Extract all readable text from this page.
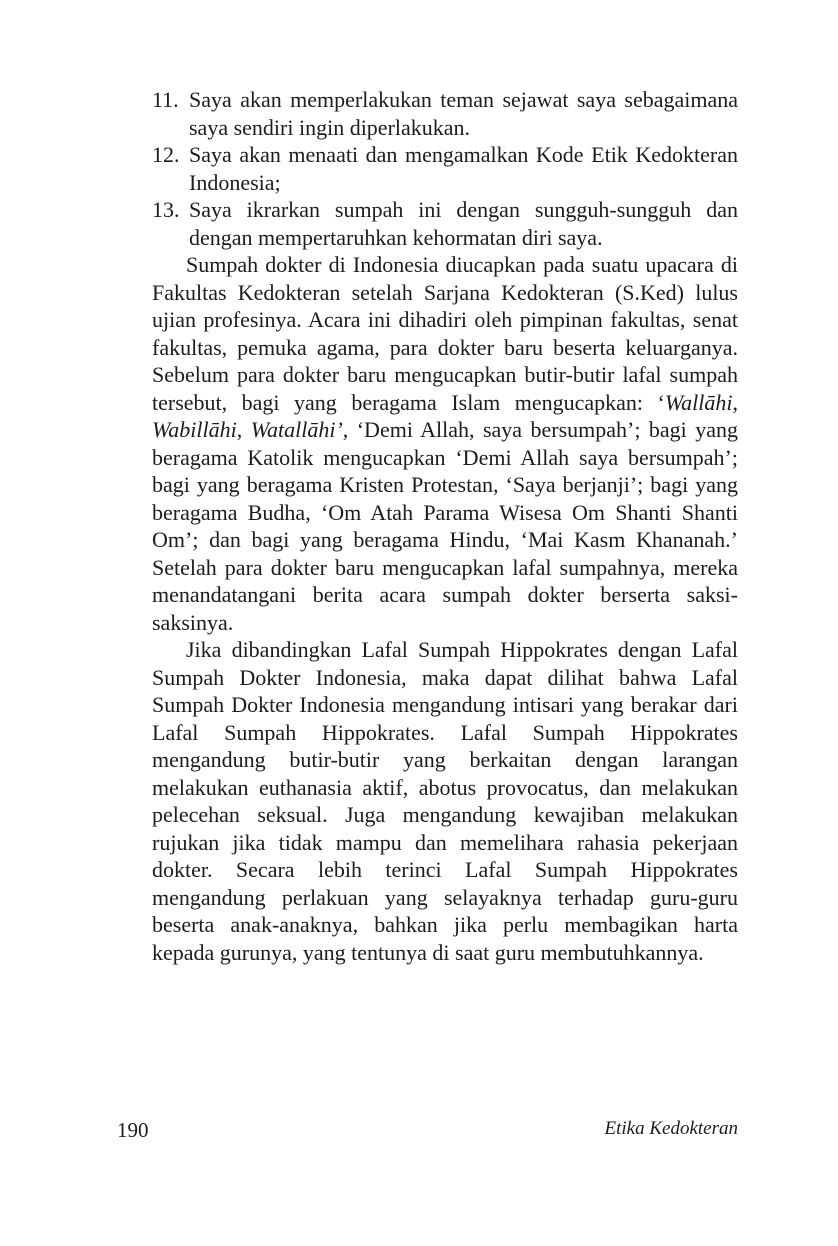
11. Saya akan memperlakukan teman sejawat saya sebagaimana saya sendiri ingin diperlakukan.
12. Saya akan menaati dan mengamalkan Kode Etik Kedokteran Indonesia;
13. Saya ikrarkan sumpah ini dengan sungguh-sungguh dan dengan mempertaruhkan kehormatan diri saya.

Sumpah dokter di Indonesia diucapkan pada suatu upacara di Fakultas Kedokteran setelah Sarjana Kedokteran (S.Ked) lulus ujian profesinya. Acara ini dihadiri oleh pimpinan fakultas, senat fakultas, pemuka agama, para dokter baru beserta keluarganya. Sebelum para dokter baru mengucapkan butir-butir lafal sumpah tersebut, bagi yang beragama Islam mengucapkan: ‘Wallāhi, Wabillāhi, Watallāhi’, ‘Demi Allah, saya bersumpah’; bagi yang beragama Katolik mengucapkan ‘Demi Allah saya bersumpah’; bagi yang beragama Kristen Protestan, ‘Saya berjanji’; bagi yang beragama Budha, ‘Om Atah Parama Wisesa Om Shanti Shanti Om’; dan bagi yang beragama Hindu, ‘Mai Kasm Khananah.’ Setelah para dokter baru mengucapkan lafal sumpahnya, mereka menandatangani berita acara sumpah dokter berserta saksi-saksinya.

Jika dibandingkan Lafal Sumpah Hippokrates dengan Lafal Sumpah Dokter Indonesia, maka dapat dilihat bahwa Lafal Sumpah Dokter Indonesia mengandung intisari yang berakar dari Lafal Sumpah Hippokrates. Lafal Sumpah Hippokrates mengandung butir-butir yang berkaitan dengan larangan melakukan euthanasia aktif, abotus provocatus, dan melakukan pelecehan seksual. Juga mengandung kewajiban melakukan rujukan jika tidak mampu dan memelihara rahasia pekerjaan dokter. Secara lebih terinci Lafal Sumpah Hippokrates mengandung perlakuan yang selayaknya terhadap guru-guru beserta anak-anaknya, bahkan jika perlu membagikan harta kepada gurunya, yang tentunya di saat guru membutuhkannya.

190	Etika Kedokteran
